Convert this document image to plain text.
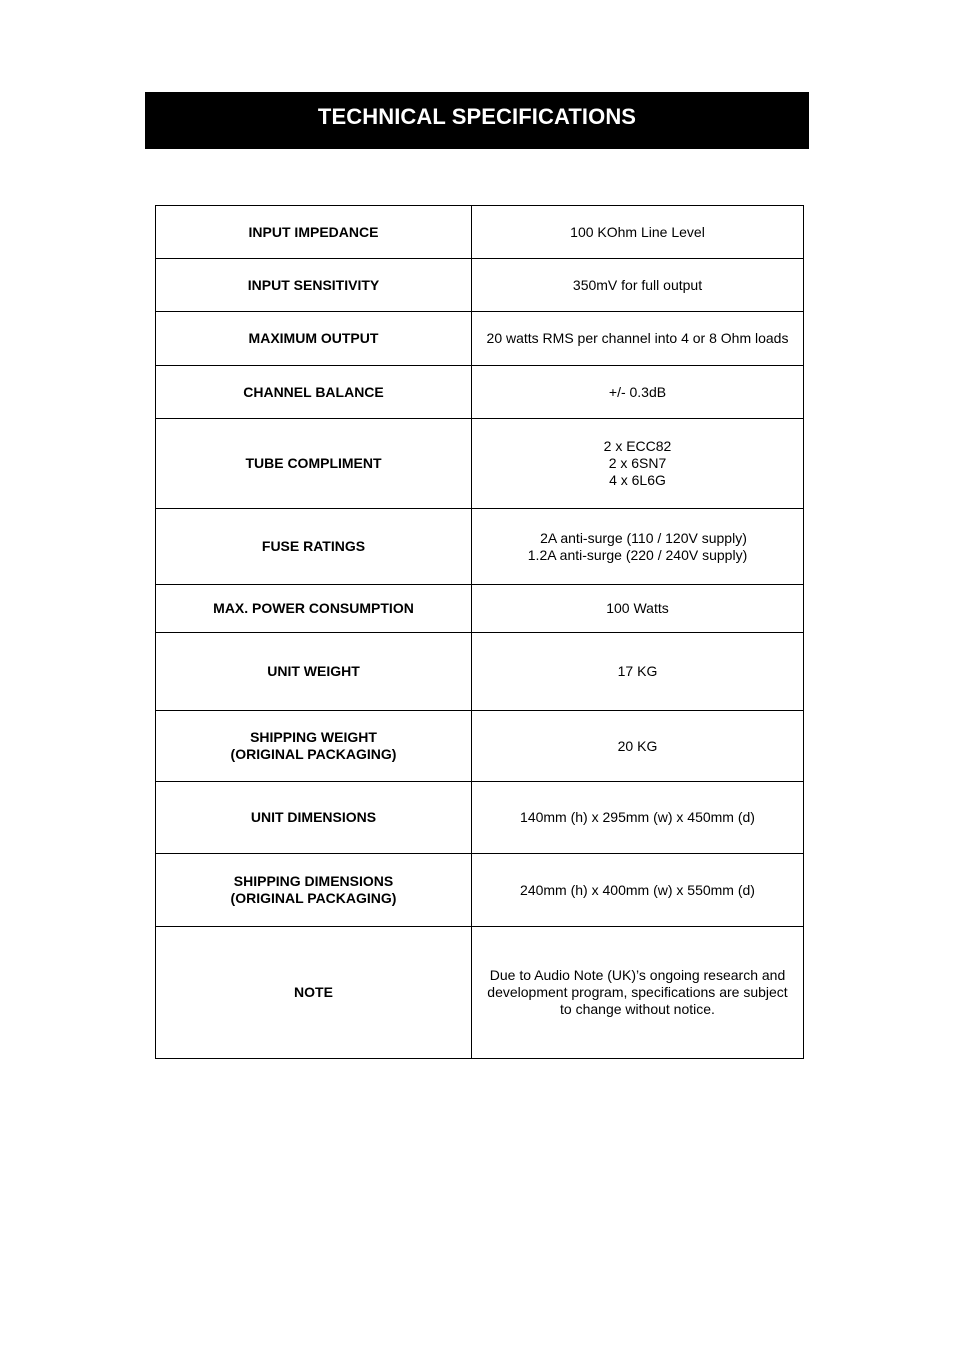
TECHNICAL SPECIFICATIONS
INPUT IMPEDANCE	100 KOhm Line Level

INPUT SENSITIVITY	350mV for full output

MAXIMUM OUTPUT	20 watts RMS per channel into 4 or 8 Ohm loads

CHANNEL BALANCE	+/- 0.3dB

TUBE COMPLIMENT	2 x ECC82
2 x 6SN7
4 x 6L6G

FUSE RATINGS	2A anti-surge (110 / 120V supply)
1.2A anti-surge (220 / 240V supply)

MAX. POWER CONSUMPTION	100 Watts

UNIT WEIGHT	17 KG

SHIPPING WEIGHT
(ORIGINAL PACKAGING)	20 KG

UNIT DIMENSIONS	140mm (h) x 295mm (w) x 450mm (d)

SHIPPING DIMENSIONS
(ORIGINAL PACKAGING)	240mm (h) x 400mm (w) x 550mm (d)

NOTE	Due to Audio Note (UK)’s ongoing research and
development program, specifications are subject
to change without notice.
